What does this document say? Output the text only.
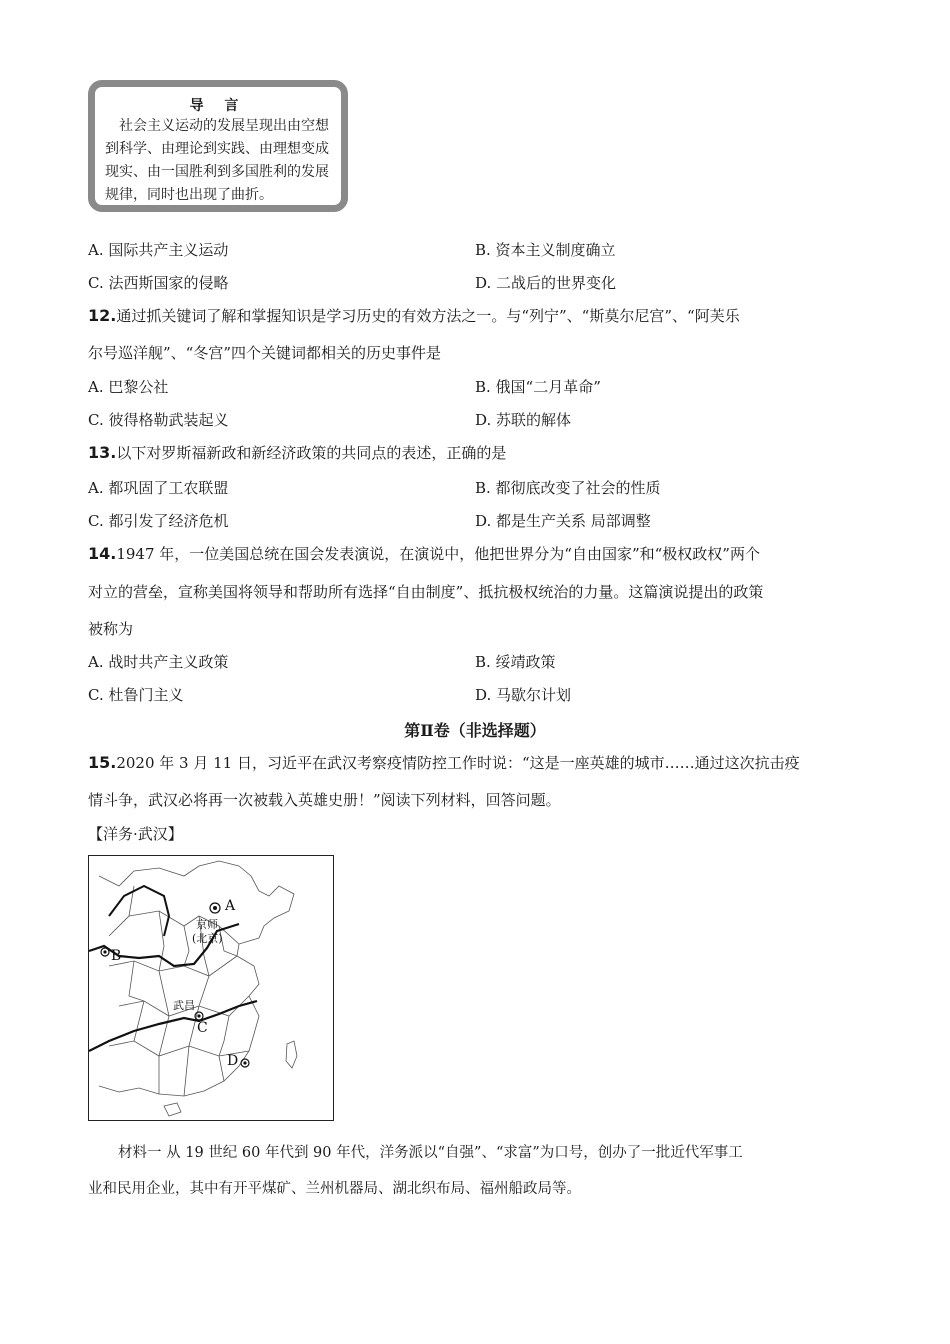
导 言
社会主义运动的发展呈现出由空想到科学、由理论到实践、由理想变成现实、由一国胜利到多国胜利的发展规律，同时也出现了曲折。
A. 国际共产主义运动	B. 资本主义制度确立
C. 法西斯国家的侵略	D. 二战后的世界变化
12.通过抓关键词了解和掌握知识是学习历史的有效方法之一。与“列宁”、“斯莫尔尼宫”、“阿芙乐
尔号巡洋舰”、“冬宫”四个关键词都相关的历史事件是
A. 巴黎公社	B. 俄国“二月革命”
C. 彼得格勒武装起义	D. 苏联的解体
13.以下对罗斯福新政和新经济政策的共同点的表述，正确的是
A. 都巩固了工农联盟	B. 都彻底改变了社会的性质
C. 都引发了经济危机	D. 都是生产关系 局部调整
14.1947 年，一位美国总统在国会发表演说，在演说中，他把世界分为“自由国家”和“极权政权”两个
对立的营垒，宣称美国将领导和帮助所有选择“自由制度”、抵抗极权统治的力量。这篇演说提出的政策
被称为
A. 战时共产主义政策	B. 绥靖政策
C. 杜鲁门主义	D. 马歇尔计划
第Ⅱ卷（非选择题）
15.2020 年 3 月 11 日，习近平在武汉考察疫情防控工作时说：“这是一座英雄的城市……通过这次抗击疫
情斗争，武汉必将再一次被载入英雄史册！”阅读下列材料，回答问题。
【洋务·武汉】
A
京师
(北京)
B
武昌
C
D
材料一 从 19 世纪 60 年代到 90 年代，洋务派以“自强”、“求富”为口号，创办了一批近代军事工
业和民用企业，其中有开平煤矿、兰州机器局、湖北织布局、福州船政局等。
